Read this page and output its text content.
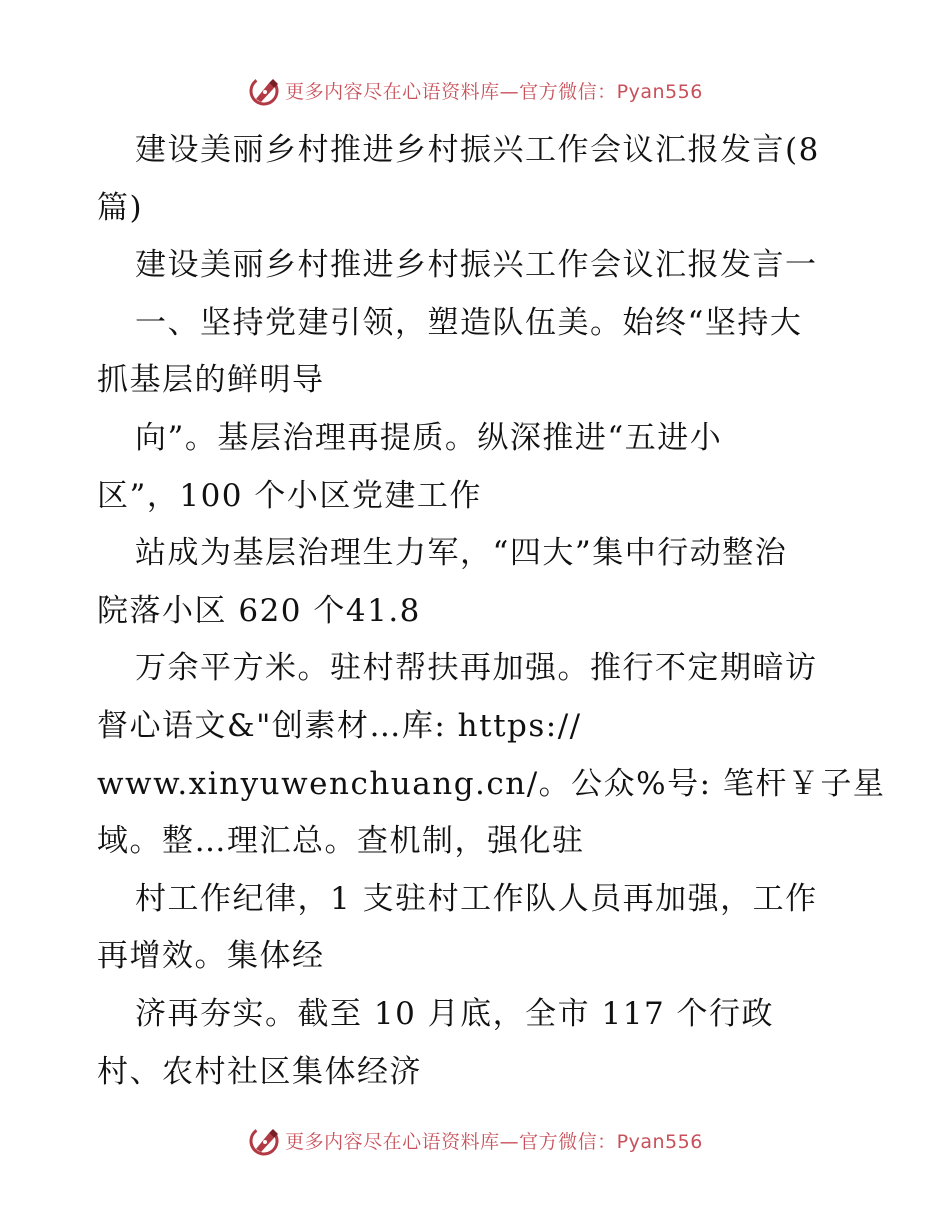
更多内容尽在心语资料库—官方微信：Pyan556
建设美丽乡村推进乡村振兴工作会议汇报发言(8
篇)
建设美丽乡村推进乡村振兴工作会议汇报发言一
一、坚持党建引领，塑造队伍美。始终“坚持大
抓基层的鲜明导
向”。基层治理再提质。纵深推进“五进小
区”，100 个小区党建工作
站成为基层治理生力军，“四大”集中行动整治
院落小区 620 个41.8
万余平方米。驻村帮扶再加强。推行不定期暗访
督心语文&"创素材…库: https://
www.xinyuwenchuang.cn/。公众%号: 笔杆￥子星
域。整…理汇总。查机制，强化驻
村工作纪律，1 支驻村工作队人员再加强，工作
再增效。集体经
济再夯实。截至 10 月底，全市 117 个行政
村、农村社区集体经济
更多内容尽在心语资料库—官方微信：Pyan556
